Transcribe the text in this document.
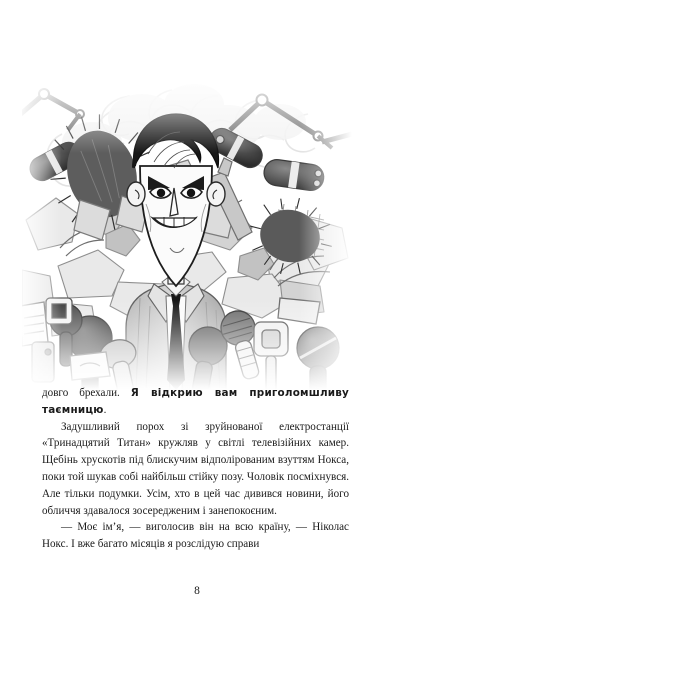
довго брехали. Я відкрию вам приголомшливу таємницю.

Задушливий порох зі зруйнованої електростанції «Тринадцятий Титан» кружляв у світлі телевізійних камер. Щебінь хрускотів під блискучим відполірованим взуттям Нокса, поки той шукав собі найбільш стійку позу. Чоловік посміхнувся. Але тільки подумки. Усім, хто в цей час дивився новини, його обличчя здавалося зосередженим і занепокоєним.

— Моє ім’я, — виголосив він на всю країну, — Ніколас Нокс. І вже багато місяців я розслідую справи

8
